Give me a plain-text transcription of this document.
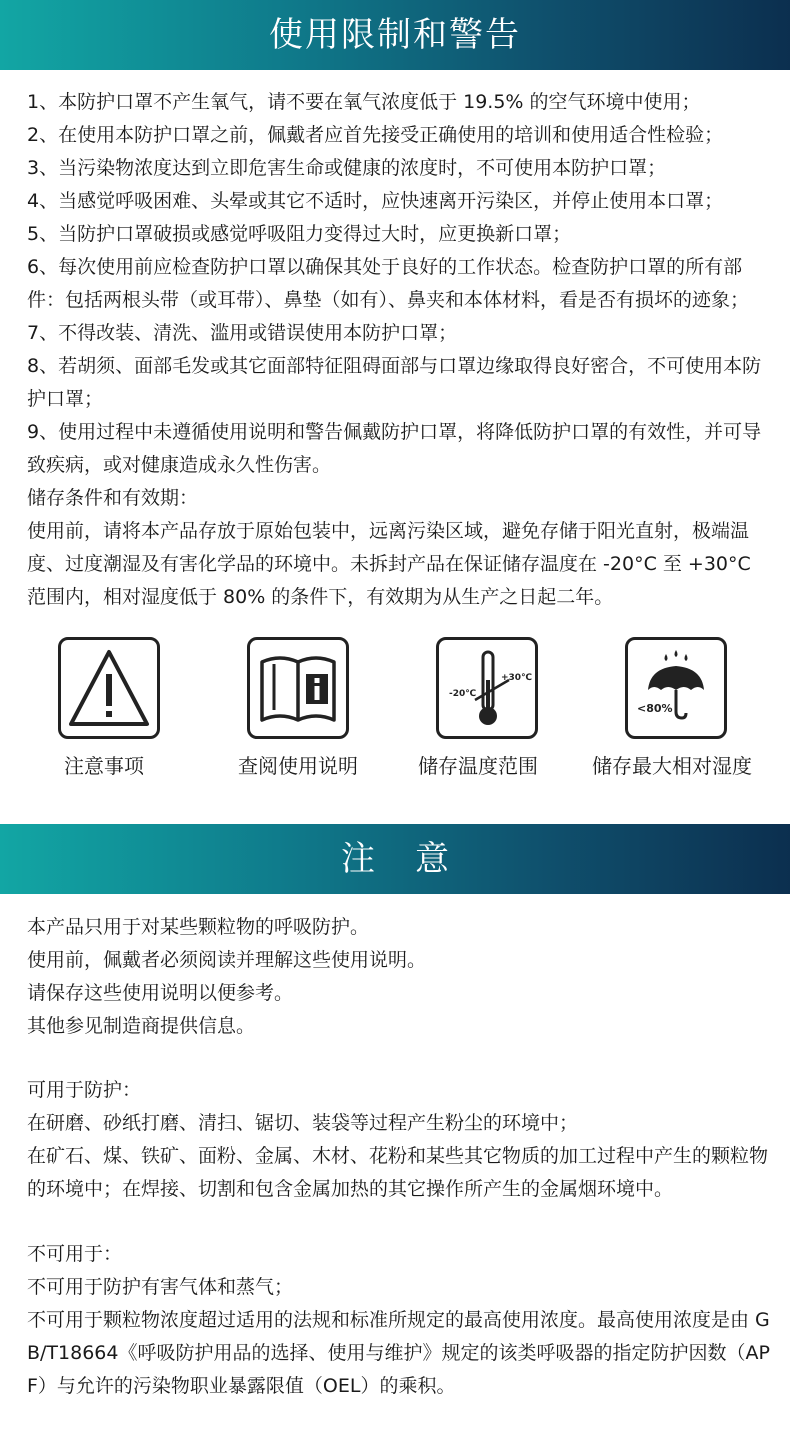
使用限制和警告

1、本防护口罩不产生氧气，请不要在氧气浓度低于 19.5% 的空气环境中使用；

2、在使用本防护口罩之前，佩戴者应首先接受正确使用的培训和使用适合性检验；

3、当污染物浓度达到立即危害生命或健康的浓度时，不可使用本防护口罩；

4、当感觉呼吸困难、头晕或其它不适时，应快速离开污染区，并停止使用本口罩；

5、当防护口罩破损或感觉呼吸阻力变得过大时，应更换新口罩；

6、每次使用前应检查防护口罩以确保其处于良好的工作状态。检查防护口罩的所有部件：包括两根头带（或耳带）、鼻垫（如有）、鼻夹和本体材料，看是否有损坏的迹象；

7、不得改装、清洗、滥用或错误使用本防护口罩；

8、若胡须、面部毛发或其它面部特征阻碍面部与口罩边缘取得良好密合，不可使用本防护口罩；

9、使用过程中未遵循使用说明和警告佩戴防护口罩，将降低防护口罩的有效性，并可导致疾病，或对健康造成永久性伤害。

储存条件和有效期：

使用前，请将本产品存放于原始包装中，远离污染区域，避免存储于阳光直射，极端温度、过度潮湿及有害化学品的环境中。未拆封产品在保证储存温度在 -20°C 至 +30°C 范围内，相对湿度低于 80% 的条件下，有效期为从生产之日起二年。

注意事项	查阅使用说明
-20℃
+30℃
储存温度范围
<80%
储存最大相对湿度
注意

本产品只用于对某些颗粒物的呼吸防护。

使用前，佩戴者必须阅读并理解这些使用说明。

请保存这些使用说明以便参考。

其他参见制造商提供信息。

可用于防护：

在研磨、砂纸打磨、清扫、锯切、装袋等过程产生粉尘的环境中；

在矿石、煤、铁矿、面粉、金属、木材、花粉和某些其它物质的加工过程中产生的颗粒物的环境中；在焊接、切割和包含金属加热的其它操作所产生的金属烟环境中。

不可用于：

不可用于防护有害气体和蒸气；

不可用于颗粒物浓度超过适用的法规和标准所规定的最高使用浓度。最高使用浓度是由 GB/T18664《呼吸防护用品的选择、使用与维护》规定的该类呼吸器的指定防护因数（APF）与允许的污染物职业暴露限值（OEL）的乘积。
